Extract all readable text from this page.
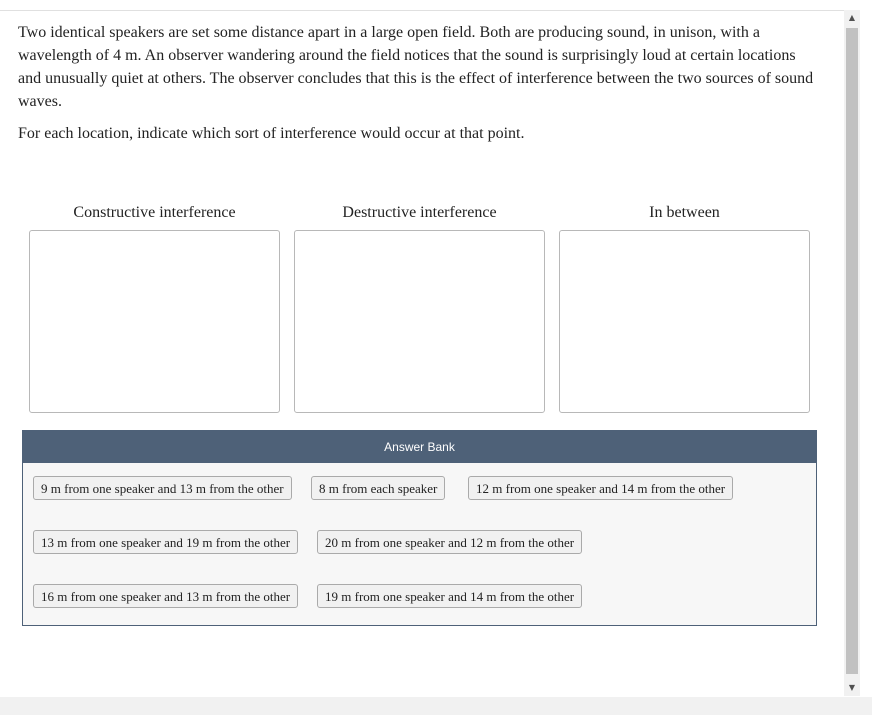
Two identical speakers are set some distance apart in a large open field. Both are producing sound, in unison, with a wavelength of 4 m. An observer wandering around the field notices that the sound is surprisingly loud at certain locations and unusually quiet at others. The observer concludes that this is the effect of interference between the two sources of sound waves.

For each location, indicate which sort of interference would occur at that point.

Constructive interference	Destructive interference	In between
Answer Bank
9 m from one speaker and 13 m from the other	8 m from each speaker	12 m from one speaker and 14 m from the other
13 m from one speaker and 19 m from the other	20 m from one speaker and 12 m from the other
16 m from one speaker and 13 m from the other	19 m from one speaker and 14 m from the other
▲
▼
